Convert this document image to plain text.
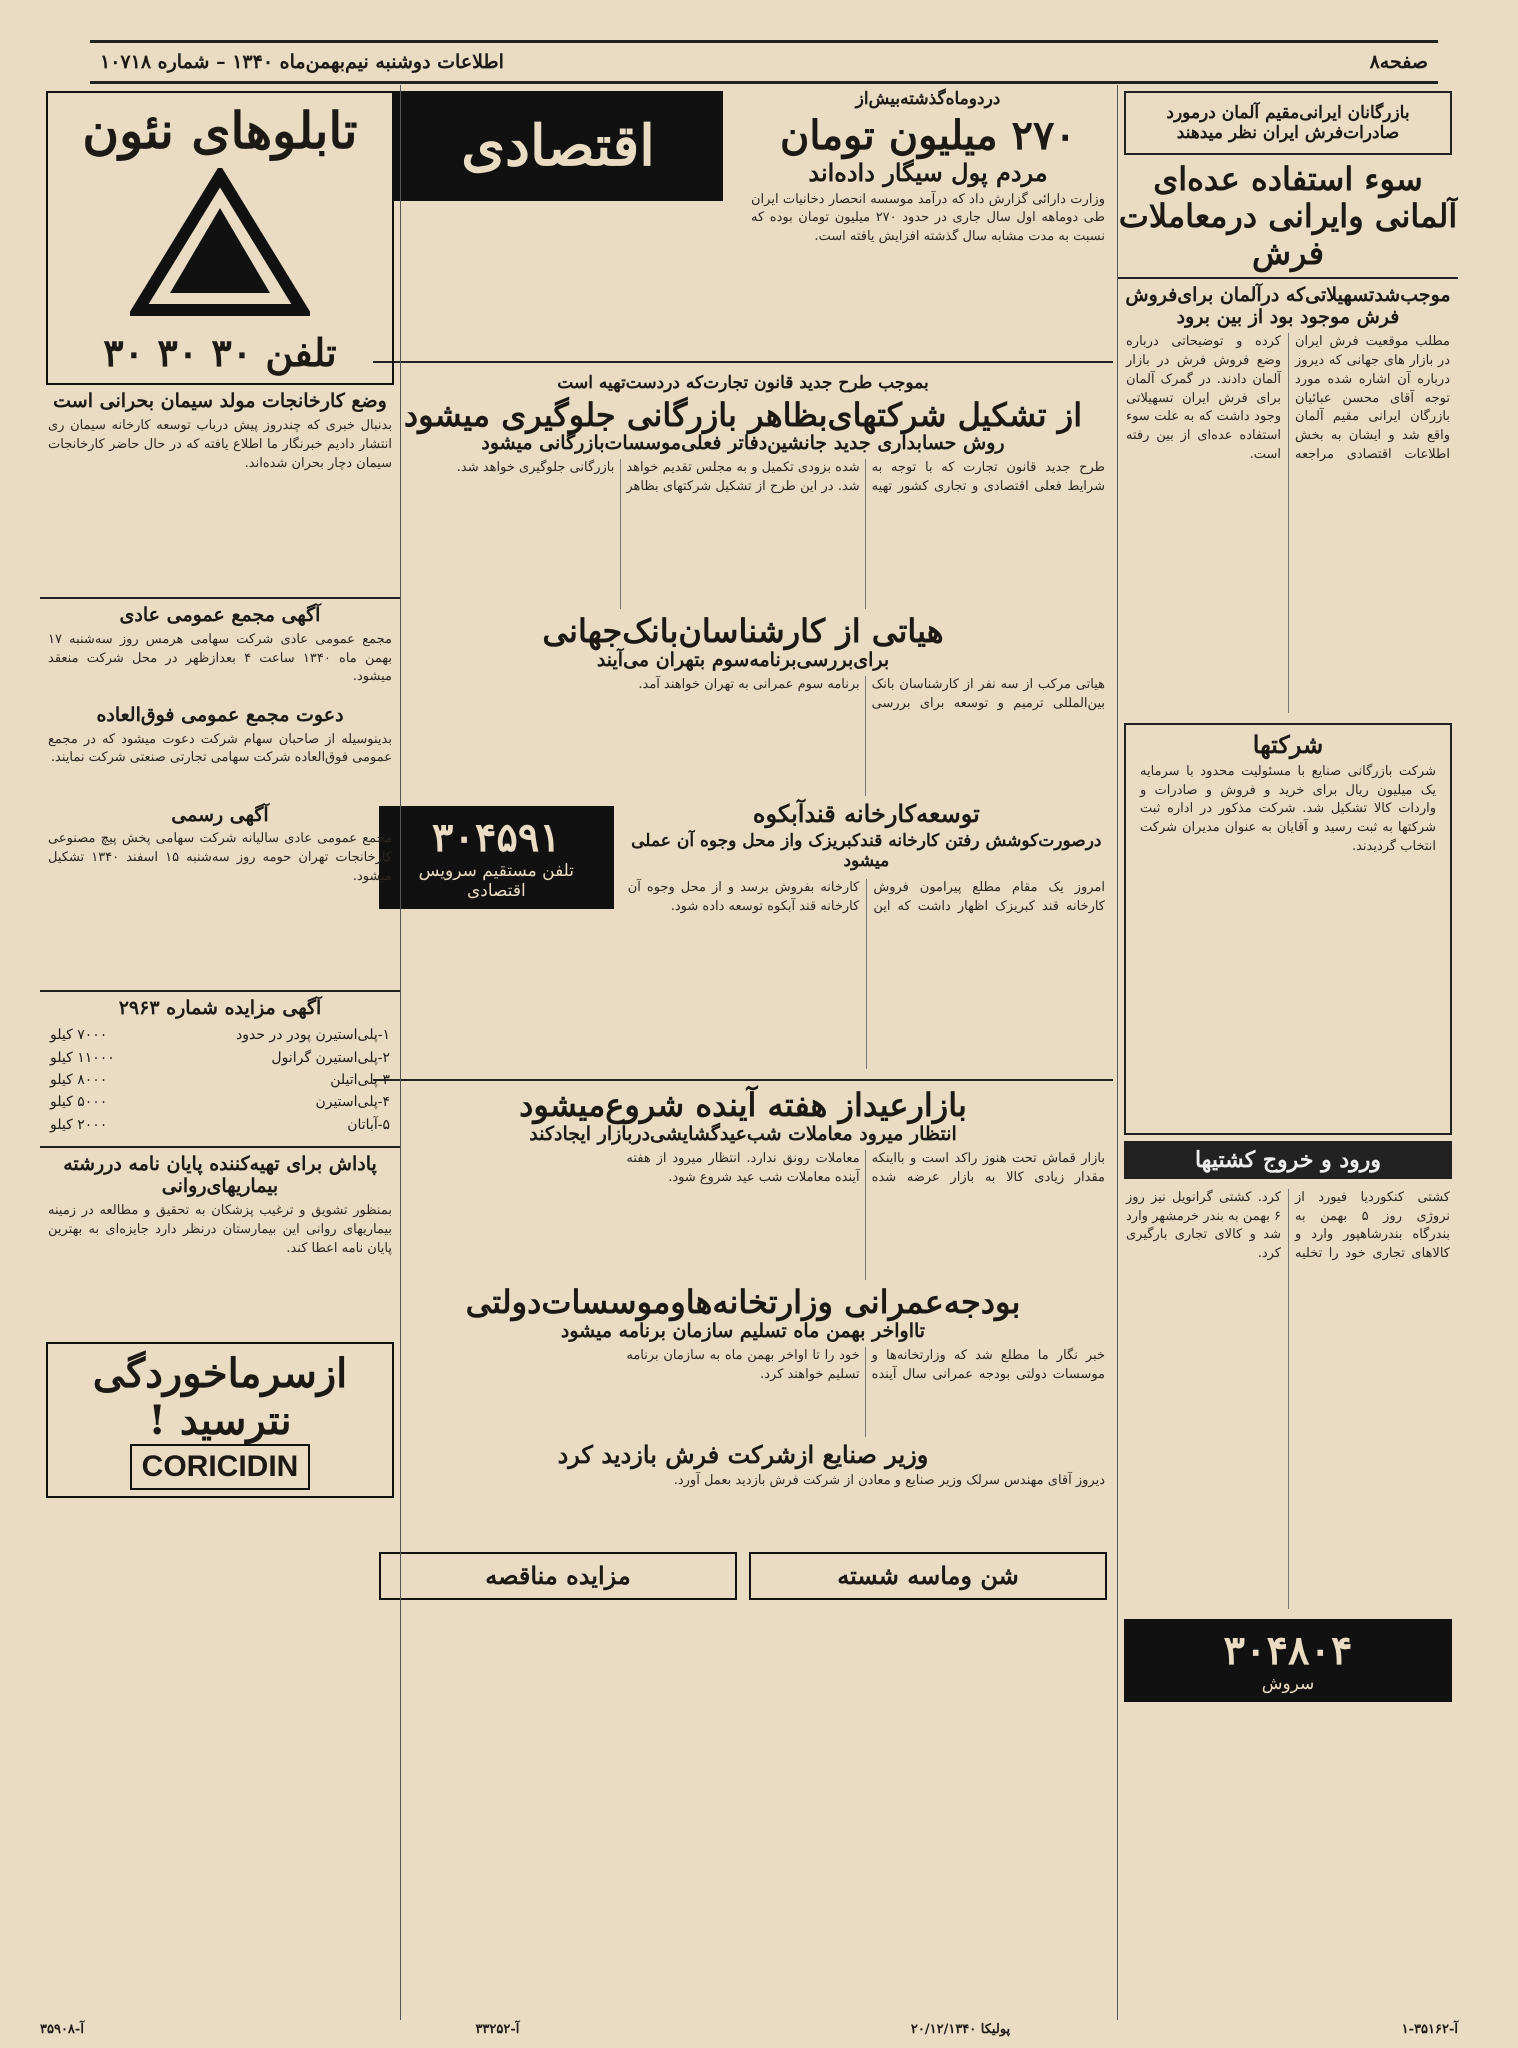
صفحه۸
اطلاعات دوشنبه نیم‌بهمن‌ماه ۱۳۴۰ – شماره ۱۰۷۱۸
بازرگانان ایرانی‌مقیم آلمان درمورد صادرات‌فرش ایران نظر میدهند
سوء استفاده عده‌ای آلمانی وایرانی درمعاملات فرش
موجب‌شدتسهیلاتی‌که درآلمان برای‌فروش فرش موجود بود از بین برود
مطلب موقعیت فرش ایران در بازار های جهانی که دیروز درباره آن اشاره شده مورد توجه آقای محسن عبائیان بازرگان ایرانی مقیم آلمان واقع شد و ایشان به بخش اطلاعات اقتصادی مراجعه کرده و توضیحاتی درباره وضع فروش فرش در بازار آلمان دادند. در گمرک آلمان برای فرش ایران تسهیلاتی وجود داشت که به علت سوء استفاده عده‌ای از بین رفته است.
شرکتها
شرکت بازرگانی صنایع با مسئولیت محدود با سرمایه یک میلیون ریال برای خرید و فروش و صادرات و واردات کالا تشکیل شد. شرکت مذکور در اداره ثبت شرکتها به ثبت رسید و آقایان به عنوان مدیران شرکت انتخاب گردیدند.
ورود و خروج کشتیها
کشتی کنکوردیا فیورد از نروژی روز ۵ بهمن به بندرگاه بندرشاهپور وارد و کالاهای تجاری خود را تخلیه کرد. کشتی گرانویل نیز روز ۶ بهمن به بندر خرمشهر وارد شد و کالای تجاری بارگیری کرد.
۳۰۴۸۰۴
سروش
دردوماه‌گذشته‌بیش‌از
۲۷۰ میلیون تومان
مردم پول سیگار داده‌اند
وزارت دارائی گزارش داد که درآمد موسسه انحصار دخانیات ایران طی دوماهه اول سال جاری در حدود ۲۷۰ میلیون تومان بوده که نسبت به مدت مشابه سال گذشته افزایش یافته است.
اقتصادی
بموجب طرح جدید قانون تجارت‌که دردست‌تهیه است
از تشکیل شرکتهای‌بظاهر بازرگانی جلوگیری میشود
روش حسابداری جدید جانشین‌دفاتر فعلی‌موسسات‌بازرگانی میشود
طرح جدید قانون تجارت که با توجه به شرایط فعلی اقتصادی و تجاری کشور تهیه شده بزودی تکمیل و به مجلس تقدیم خواهد شد. در این طرح از تشکیل شرکتهای بظاهر بازرگانی جلوگیری خواهد شد.
هیاتی از کارشناسان‌بانک‌جهانی
برای‌بررسی‌برنامه‌سوم بتهران می‌آیند
هیاتی مرکب از سه نفر از کارشناسان بانک بین‌المللی ترمیم و توسعه برای بررسی برنامه سوم عمرانی به تهران خواهند آمد.
توسعه‌کارخانه قندآبکوه
درصورت‌کوشش رفتن کارخانه قندکبریزک واز محل وجوه آن عملی میشود
امروز یک مقام مطلع پیرامون فروش کارخانه قند کبریزک اظهار داشت که این کارخانه بفروش برسد و از محل وجوه آن کارخانه قند آبکوه توسعه داده شود.
۳۰۴۵۹۱
تلفن مستقیم سرویس اقتصادی
بازارعیداز هفته آینده شروع‌میشود
انتظار میرود معاملات شب‌عیدگشایشی‌دربازار ایجادکند
بازار قماش تحت هنوز راکد است و بااینکه مقدار زیادی کالا به بازار عرضه شده معاملات رونق ندارد. انتظار میرود از هفته آینده معاملات شب عید شروع شود.
بودجه‌عمرانی وزارتخانه‌هاوموسسات‌دولتی
تااواخر بهمن ماه تسلیم سازمان برنامه میشود
خبر نگار ما مطلع شد که وزارتخانه‌ها و موسسات دولتی بودجه عمرانی سال آینده خود را تا اواخر بهمن ماه به سازمان برنامه تسلیم خواهند کرد.
وزیر صنایع ازشرکت فرش بازدید کرد
دیروز آقای مهندس سرلک وزیر صنایع و معادن از شرکت فرش بازدید بعمل آورد.
شن وماسه شسته
مزایده مناقصه
تابلوهای نئون
تلفن ۳۰ ۳۰ ۳۰
وضع کارخانجات مولد سیمان بحرانی است
بدنبال خبری که چندروز پیش درباب توسعه کارخانه سیمان ری انتشار دادیم خبرنگار ما اطلاع یافته که در حال حاضر کارخانجات سیمان دچار بحران شده‌اند.
آگهی مجمع عمومی عادی
مجمع عمومی عادی شرکت سهامی هرمس روز سه‌شنبه ۱۷ بهمن ماه ۱۳۴۰ ساعت ۴ بعدازظهر در محل شرکت منعقد میشود.
دعوت مجمع عمومی فوق‌العاده
بدینوسیله از صاحبان سهام شرکت دعوت میشود که در مجمع عمومی فوق‌العاده شرکت سهامی تجارتی صنعتی شرکت نمایند.
آگهی رسمی
مجمع عمومی عادی سالیانه شرکت سهامی پخش پیچ مصنوعی کارخانجات تهران حومه روز سه‌شنبه ۱۵ اسفند ۱۳۴۰ تشکیل میشود.
آگهی مزایده شماره ۲۹۶۳
۱-پلی‌استیرن پودر در حدود
۷۰۰۰ کیلو
۲-پلی‌استیرن گرانول
۱۱۰۰۰ کیلو
۳-پلی‌اتیلن
۸۰۰۰ کیلو
۴-پلی‌استیرن
۵۰۰۰ کیلو
۵-آباتان
۲۰۰۰ کیلو
پاداش برای تهیه‌کننده پایان نامه دررشته بیماریهای‌روانی
بمنظور تشویق و ترغیب پزشکان به تحقیق و مطالعه در زمینه بیماریهای روانی این بیمارستان درنظر دارد جایزه‌ای به بهترین پایان نامه اعطا کند.
ازسرماخوردگی نترسید !
CORICIDIN
آ-۳۵۱۶۲-۱
پولیکا ۲۰/۱۲/۱۳۴۰
آ-۳۳۲۵۲
آ-۳۵۹۰۸
